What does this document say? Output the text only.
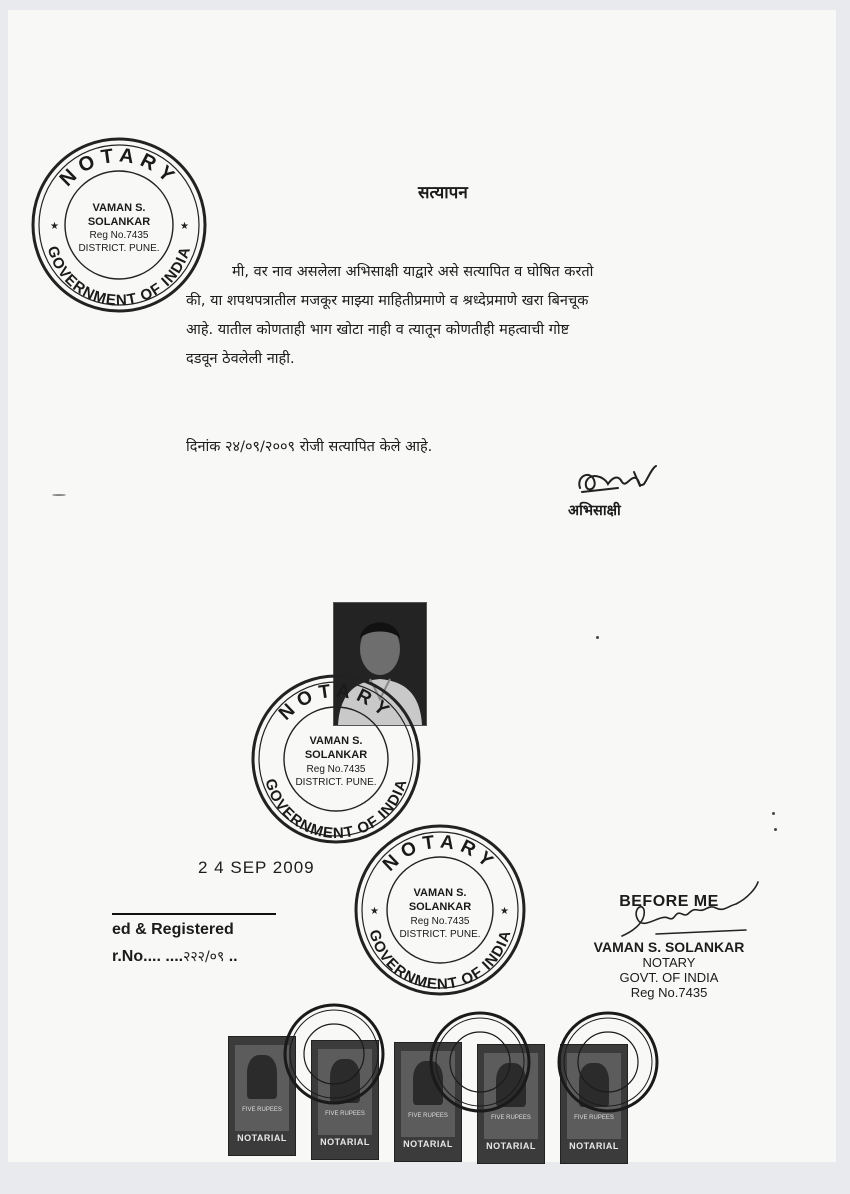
NOTARY
GOVERNMENT OF INDIA
VAMAN S.
SOLANKAR
Reg No.7435
DISTRICT. PUNE.
★	★
सत्यापन
मी, वर नाव असलेला अभिसाक्षी याद्वारे असे सत्यापित व घोषित करतो
की, या शपथपत्रातील मजकूर माझ्या माहितीप्रमाणे व श्रध्देप्रमाणे खरा बिनचूक
आहे. यातील कोणताही भाग खोटा नाही व त्यातून कोणतीही महत्वाची गोष्ट
दडवून ठेवलेली नाही.
दिनांक २४/०९/२००९ रोजी सत्यापित केले आहे.
अभिसाक्षी
NOTARY
GOVERNMENT OF INDIA
VAMAN S.
SOLANKAR
Reg No.7435
DISTRICT. PUNE.
2 4 SEP 2009	NOTARY
GOVERNMENT OF INDIA
VAMAN S.
SOLANKAR
Reg No.7435
DISTRICT. PUNE.
★	★
ed & Registered
r.No.... ....२२२/०९ ..
BEFORE ME
VAMAN S. SOLANKAR
NOTARY
GOVT. OF INDIA
Reg No.7435
FIVE RUPEES
NOTARIAL
FIVE RUPEES
NOTARIAL
FIVE RUPEES
NOTARIAL
FIVE RUPEES
NOTARIAL
FIVE RUPEES
NOTARIAL
